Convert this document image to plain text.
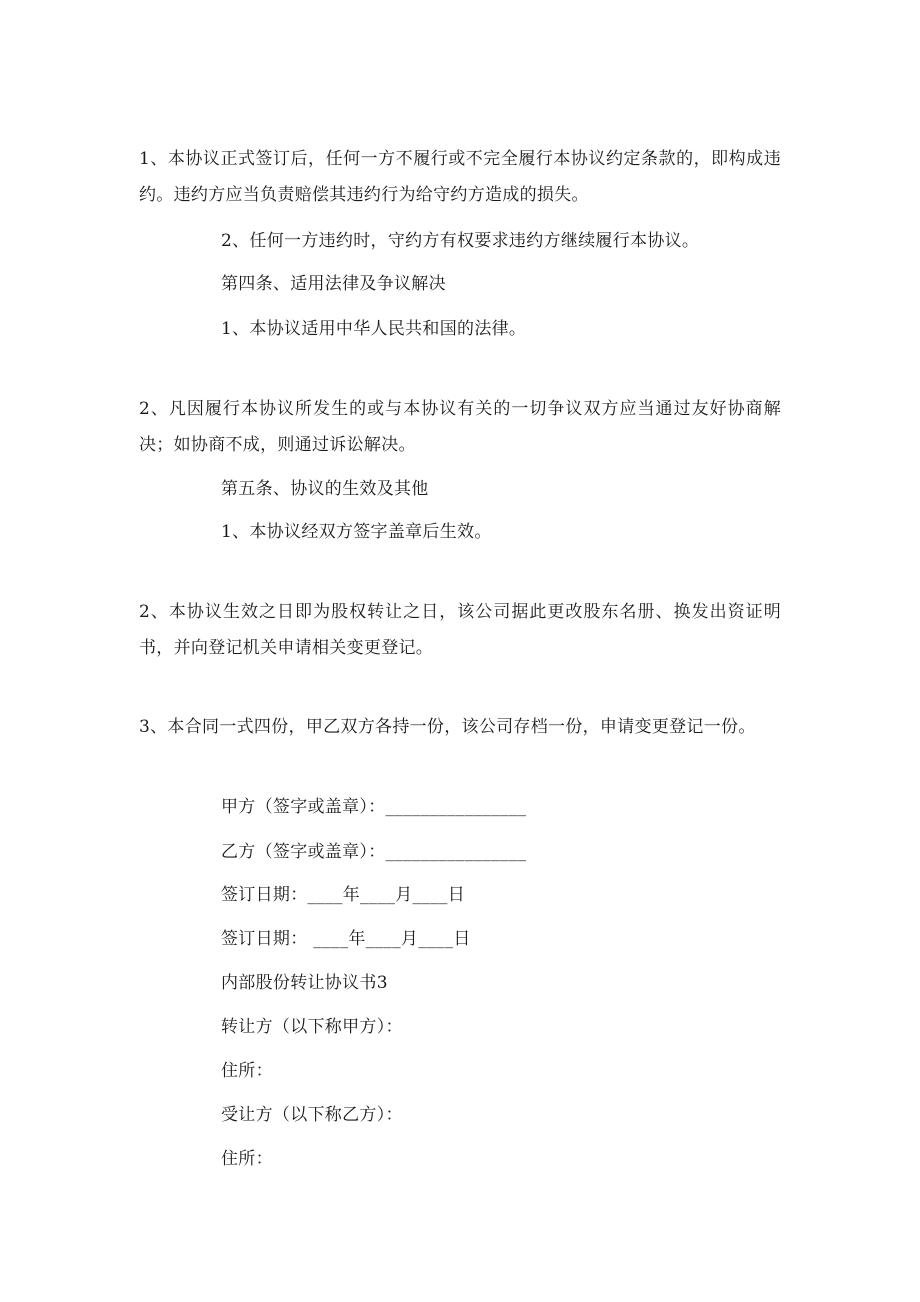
1、本协议正式签订后，任何一方不履行或不完全履行本协议约定条款的，即构成违约。违约方应当负责赔偿其违约行为给守约方造成的损失。

2、任何一方违约时，守约方有权要求违约方继续履行本协议。

第四条、适用法律及争议解决

1、本协议适用中华人民共和国的法律。

2、凡因履行本协议所发生的或与本协议有关的一切争议双方应当通过友好协商解决；如协商不成，则通过诉讼解决。

第五条、协议的生效及其他

1、本协议经双方签字盖章后生效。

2、本协议生效之日即为股权转让之日，该公司据此更改股东名册、换发出资证明书，并向登记机关申请相关变更登记。

3、本合同一式四份，甲乙双方各持一份，该公司存档一份，申请变更登记一份。

甲方（签字或盖章）：________________

乙方（签字或盖章）：________________

签订日期：____年____月____日

签订日期： ____年____月____日

内部股份转让协议书3

转让方（以下称甲方）：

住所：

受让方（以下称乙方）：

住所：
